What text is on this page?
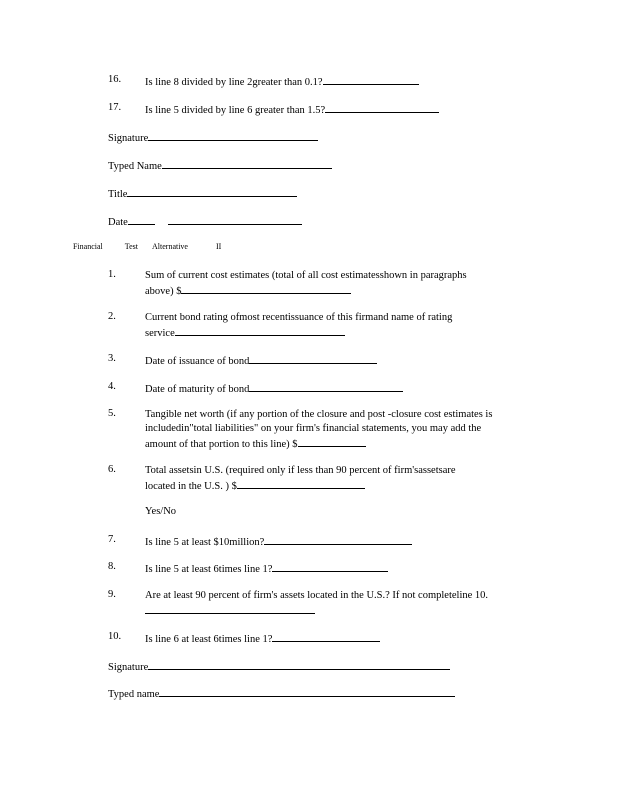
16. Is line 8 divided by line 2greater than 0.1?
17. Is line 5 divided by line 6 greater than 1.5?
Signature
Typed Name
Title
Date
Financial	Test Alternative	II
1.	Sum of current cost estimates (total of all cost estimatesshown in paragraphs
above) $
2.	Current bond rating ofmost recentissuance of this firmand name of rating
service
3.	Date of issuance of bond
4.	Date of maturity of bond
5.	Tangible net worth (if any portion of the closure and post -closure cost estimates is
includedin"total liabilities" on your firm's financial statements, you may add the
amount of that portion to this line) $
6.	Total assetsin U.S. (required only if less than 90 percent of firm'sassetsare
located in the U.S. ) $
Yes/No
7.	Is line 5 at least $10million?
8.	Is line 5 at least 6times line 1?
9.	Are at least 90 percent of firm's assets located in the U.S.? If not completeline 10.
10. Is line 6 at least 6times line 1?
Signature
Typed name
